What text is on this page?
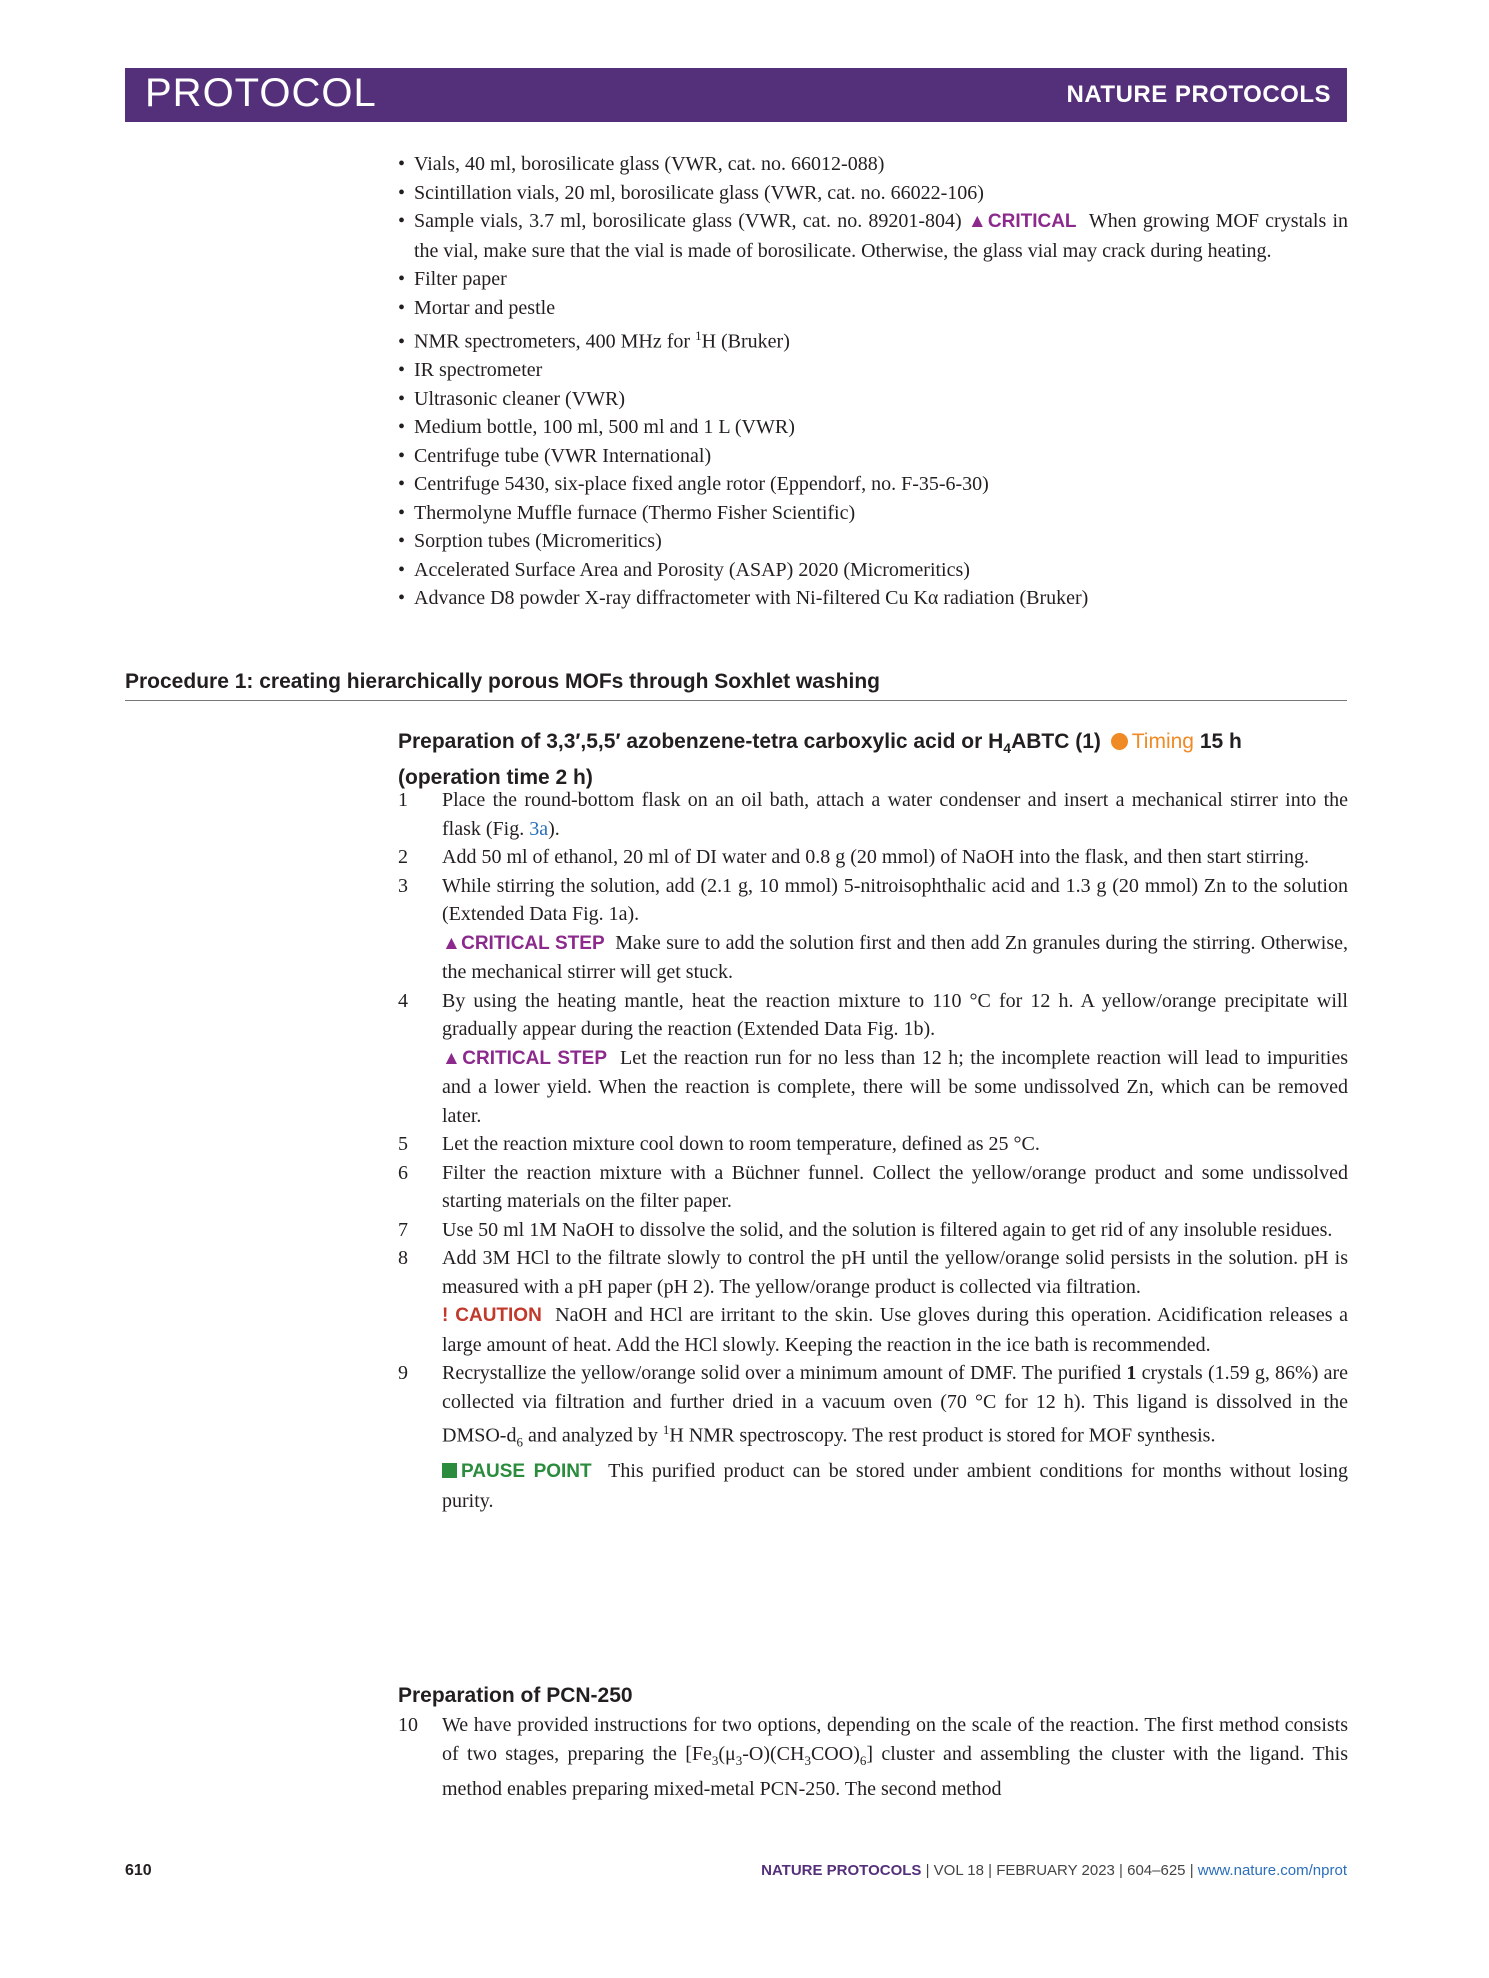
PROTOCOL	NATURE PROTOCOLS
• Vials, 40 ml, borosilicate glass (VWR, cat. no. 66012-088)
• Scintillation vials, 20 ml, borosilicate glass (VWR, cat. no. 66022-106)
• Sample vials, 3.7 ml, borosilicate glass (VWR, cat. no. 89201-804) ▲CRITICAL When growing MOF crystals in the vial, make sure that the vial is made of borosilicate. Otherwise, the glass vial may crack during heating.
• Filter paper
• Mortar and pestle
• NMR spectrometers, 400 MHz for $^1$H (Bruker)
• IR spectrometer
• Ultrasonic cleaner (VWR)
• Medium bottle, 100 ml, 500 ml and 1 L (VWR)
• Centrifuge tube (VWR International)
• Centrifuge 5430, six-place fixed angle rotor (Eppendorf, no. F-35-6-30)
• Thermolyne Muffle furnace (Thermo Fisher Scientific)
• Sorption tubes (Micromeritics)
• Accelerated Surface Area and Porosity (ASAP) 2020 (Micromeritics)
• Advance D8 powder X-ray diffractometer with Ni-filtered Cu Kα radiation (Bruker)
Procedure 1: creating hierarchically porous MOFs through Soxhlet washing
Preparation of 3,3′,5,5′ azobenzene-tetra carboxylic acid or $H_4ABTC$ (1) Timing 15 h (operation time 2 h)
1 Place the round-bottom flask on an oil bath, attach a water condenser and insert a mechanical stirrer into the flask (Fig. 3a).
2 Add 50 ml of ethanol, 20 ml of DI water and 0.8 g (20 mmol) of NaOH into the flask, and then start stirring.
3 While stirring the solution, add (2.1 g, 10 mmol) 5-nitroisophthalic acid and 1.3 g (20 mmol) Zn to the solution (Extended Data Fig. 1a).
▲CRITICAL STEP Make sure to add the solution first and then add Zn granules during the stirring. Otherwise, the mechanical stirrer will get stuck.
4 By using the heating mantle, heat the reaction mixture to 110 °C for 12 h. A yellow/orange precipitate will gradually appear during the reaction (Extended Data Fig. 1b).
▲CRITICAL STEP Let the reaction run for no less than 12 h; the incomplete reaction will lead to impurities and a lower yield. When the reaction is complete, there will be some undissolved Zn, which can be removed later.
5 Let the reaction mixture cool down to room temperature, defined as 25 °C.
6 Filter the reaction mixture with a Büchner funnel. Collect the yellow/orange product and some undissolved starting materials on the filter paper.
7 Use 50 ml 1M NaOH to dissolve the solid, and the solution is filtered again to get rid of any insoluble residues.
8 Add 3M HCl to the filtrate slowly to control the pH until the yellow/orange solid persists in the solution. pH is measured with a pH paper (pH 2). The yellow/orange product is collected via filtration.
! CAUTION NaOH and HCl are irritant to the skin. Use gloves during this operation. Acidification releases a large amount of heat. Add the HCl slowly. Keeping the reaction in the ice bath is recommended.
9 Recrystallize the yellow/orange solid over a minimum amount of DMF. The purified 1 crystals (1.59 g, 86%) are collected via filtration and further dried in a vacuum oven (70 °C for 12 h). This ligand is dissolved in the DMSO-$d_6$ and analyzed by $^1$H NMR spectroscopy. The rest product is stored for MOF synthesis.
PAUSE POINT This purified product can be stored under ambient conditions for months without losing purity.
Preparation of PCN-250
10 We have provided instructions for two options, depending on the scale of the reaction. The first method consists of two stages, preparing the $[Fe_3(\mu_3-O)(CH_3COO)_6]$ cluster and assembling the cluster with the ligand. This method enables preparing mixed-metal PCN-250. The second method
610	NATURE PROTOCOLS | VOL 18 | FEBRUARY 2023 | 604–625 | www.nature.com/nprot
